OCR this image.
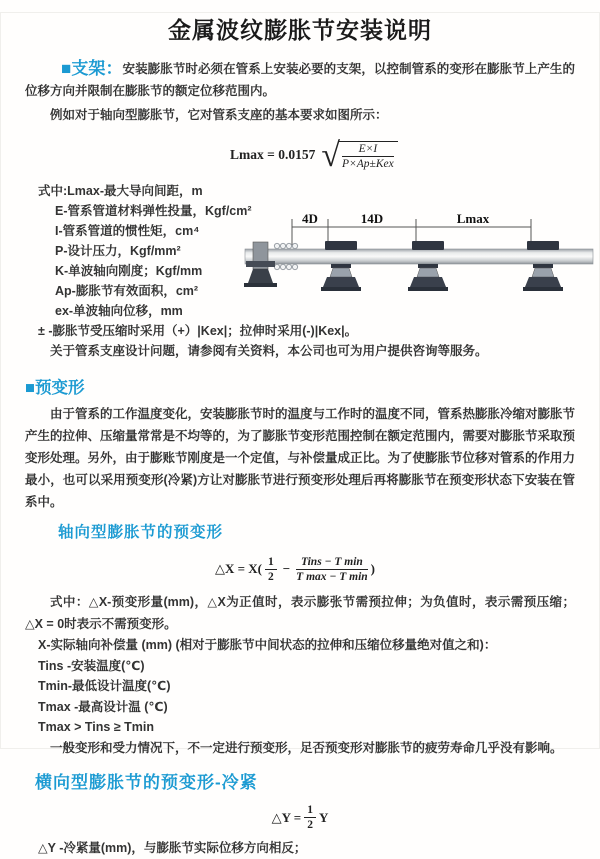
金属波纹膨胀节安装说明

■支架：安装膨胀节时必须在管系上安装必要的支架，以控制管系的变形在膨胀节上产生的位移方向并限制在膨胀节的额定位移范围内。

例如对于轴向型膨胀节，它对管系支座的基本要求如图所示：

Lmax = 0.0157 √
$\frac{E\times I}{\text{P×Ap±Kex}}$
式中:Lmax-最大导向间距，m
E-管系管道材料弹性投量，Kgf/cm²
I-管系管道的惯性矩，cm⁴
P-设计压力，Kgf/mm²
K-单波轴向刚度；Kgf/mm
Ap-膨胀节有效面积，cm²
ex-单波轴向位移，mm
± -膨胀节受压缩时采用（+）|Kex|；拉伸时采用(-)|Kex|。
关于管系支座设计问题，请参阅有关资料，本公司也可为用户提供咨询等服务。
4D	14D	Lmax
■预变形

由于管系的工作温度变化，安装膨胀节时的温度与工作时的温度不同，管系热膨胀冷缩对膨胀节产生的拉伸、压缩量常常是不均等的，为了膨胀节变形范围控制在额定范围内，需要对膨胀节采取预变形处理。另外，由于膨账节刚度是一个定值，与补偿量成正比。为了使膨胀节位移对管系的作用力最小，也可以采用预变形(冷紧)方让对膨胀节进行预变形处理后再将膨胀节在预变形状态下安装在管系中。

轴向型膨胀节的预变形
△X = $X( \frac{1}{2} - \frac{\text{Tins − T min}}{\text{T max − T min}}$ )

式中：△X-预变形量(mm)，△X为正值时，表示膨张节需预拉伸；为负值时，表示需预压缩；△X = 0时表示不需预变形。

X-实际轴向补偿量 (mm) (相对于膨胀节中间状态的拉伸和压缩位移量绝对值之和)：
Tins -安装温度(℃)
Tmin-最低设计温度(℃)
Tmax -最高设计温 (℃)
Tmax > Tins ≥ Tmin
一般变形和受力情况下，不一定进行预变形，足否预变形对膨胀节的疲劳寿命几乎没有影响。
横向型膨胀节的预变形-冷紧
△Y = $\frac{1}{2}$ Y
△Y -冷紧量(mm)，与膨胀节实际位移方向相反；
